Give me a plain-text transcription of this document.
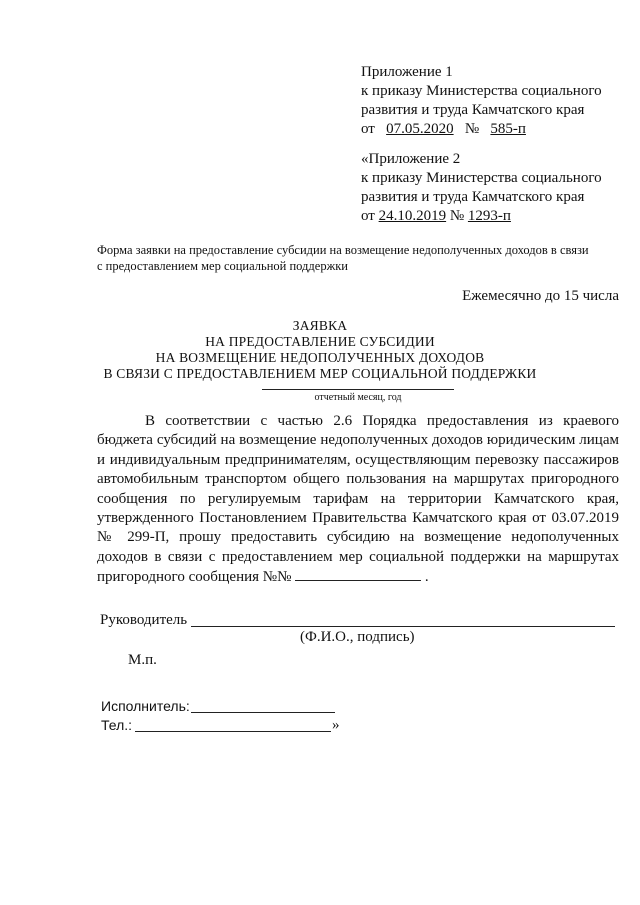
Приложение 1
к приказу Министерства социального
развития и труда Камчатского края
от 07.05.2020 № 585-п
«Приложение 2
к приказу Министерства социального
развития и труда Камчатского края
от 24.10.2019 № 1293-п
Форма заявки на предоставление субсидии на возмещение недополученных доходов в связи
с предоставлением мер социальной поддержки
Ежемесячно до 15 числа
ЗАЯВКА
НА ПРЕДОСТАВЛЕНИЕ СУБСИДИИ
НА ВОЗМЕЩЕНИЕ НЕДОПОЛУЧЕННЫХ ДОХОДОВ
В СВЯЗИ С ПРЕДОСТАВЛЕНИЕМ МЕР СОЦИАЛЬНОЙ ПОДДЕРЖКИ
отчетный месяц, год

В соответствии с частью 2.6 Порядка предоставления из краевого бюджета субсидий на возмещение недополученных доходов юридическим лицам и индивидуальным предпринимателям, осуществляющим перевозку пассажиров автомобильным транспортом общего пользования на маршрутах пригородного сообщения по регулируемым тарифам на территории Камчатского края, утвержденного Постановлением Правительства Камчатского края от 03.07.2019 № 299-П, прошу предоставить субсидию на возмещение недополученных доходов в связи с предоставлением мер социальной поддержки на маршрутах пригородного сообщения №№	.

Руководитель
(Ф.И.О., подпись)
М.п.
Исполнитель:
Тел.:	»
